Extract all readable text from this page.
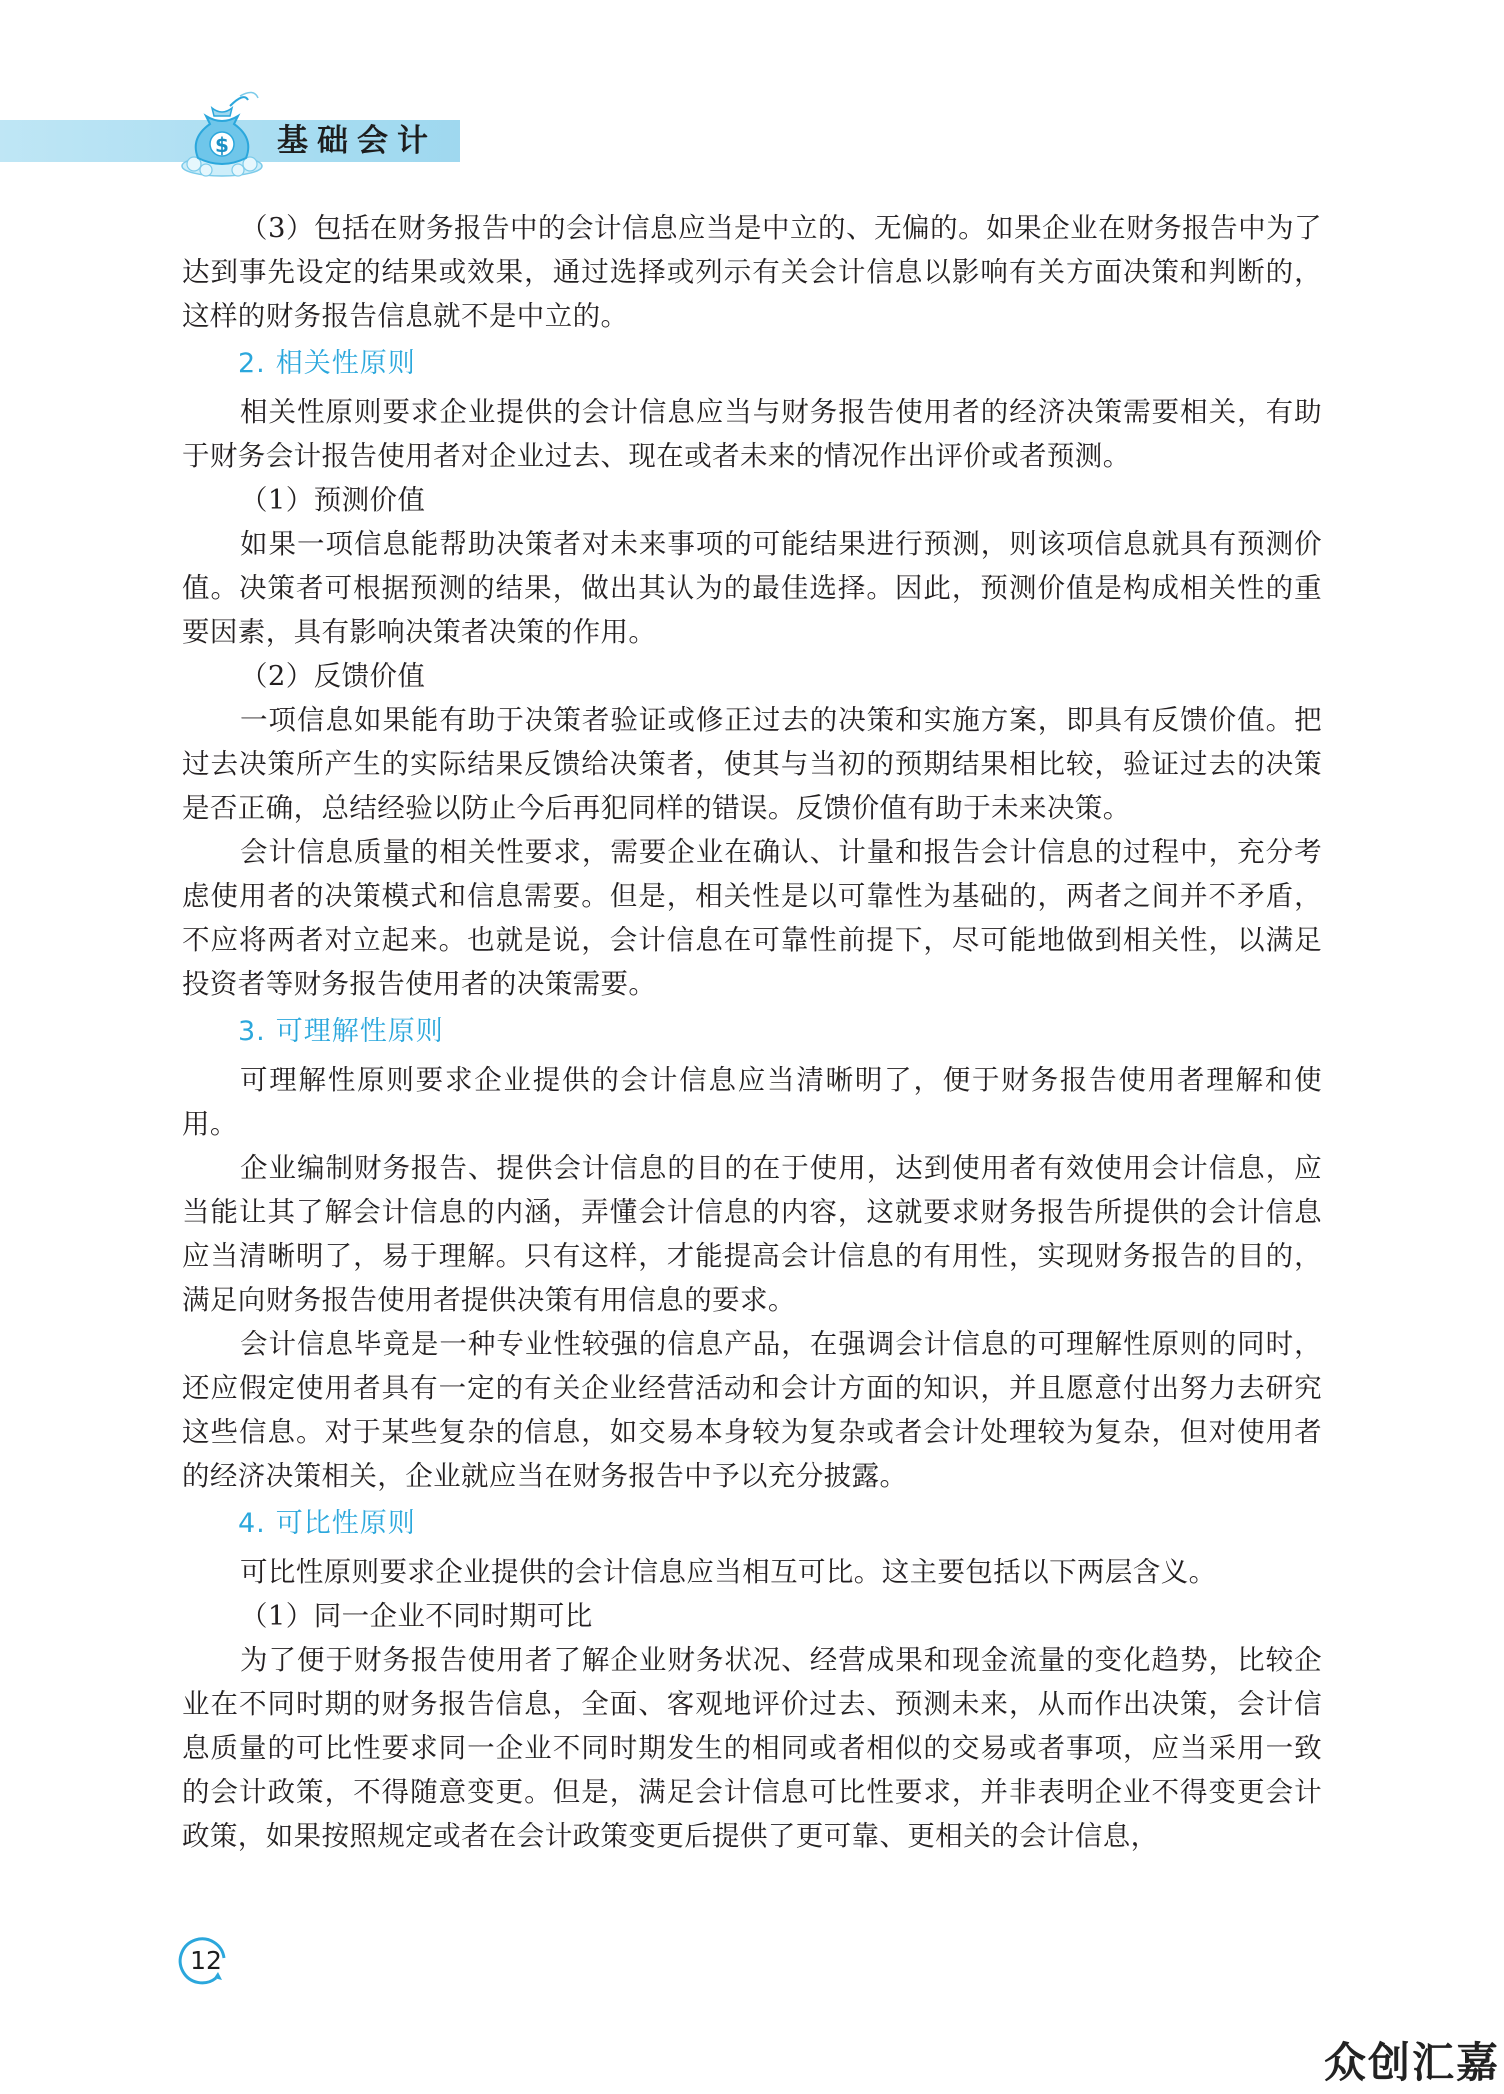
$ 基础会计

（3）包括在财务报告中的会计信息应当是中立的、无偏的。如果企业在财务报告中为了达到事先设定的结果或效果，通过选择或列示有关会计信息以影响有关方面决策和判断的，这样的财务报告信息就不是中立的。

2. 相关性原则

相关性原则要求企业提供的会计信息应当与财务报告使用者的经济决策需要相关，有助于财务会计报告使用者对企业过去、现在或者未来的情况作出评价或者预测。

（1）预测价值

如果一项信息能帮助决策者对未来事项的可能结果进行预测，则该项信息就具有预测价值。决策者可根据预测的结果，做出其认为的最佳选择。因此，预测价值是构成相关性的重要因素，具有影响决策者决策的作用。

（2）反馈价值

一项信息如果能有助于决策者验证或修正过去的决策和实施方案，即具有反馈价值。把过去决策所产生的实际结果反馈给决策者，使其与当初的预期结果相比较，验证过去的决策是否正确，总结经验以防止今后再犯同样的错误。反馈价值有助于未来决策。

会计信息质量的相关性要求，需要企业在确认、计量和报告会计信息的过程中，充分考虑使用者的决策模式和信息需要。但是，相关性是以可靠性为基础的，两者之间并不矛盾，不应将两者对立起来。也就是说，会计信息在可靠性前提下，尽可能地做到相关性，以满足投资者等财务报告使用者的决策需要。

3. 可理解性原则

可理解性原则要求企业提供的会计信息应当清晰明了，便于财务报告使用者理解和使用。

企业编制财务报告、提供会计信息的目的在于使用，达到使用者有效使用会计信息，应当能让其了解会计信息的内涵，弄懂会计信息的内容，这就要求财务报告所提供的会计信息应当清晰明了，易于理解。只有这样，才能提高会计信息的有用性，实现财务报告的目的，满足向财务报告使用者提供决策有用信息的要求。

会计信息毕竟是一种专业性较强的信息产品，在强调会计信息的可理解性原则的同时，还应假定使用者具有一定的有关企业经营活动和会计方面的知识，并且愿意付出努力去研究这些信息。对于某些复杂的信息，如交易本身较为复杂或者会计处理较为复杂，但对使用者的经济决策相关，企业就应当在财务报告中予以充分披露。

4. 可比性原则

可比性原则要求企业提供的会计信息应当相互可比。这主要包括以下两层含义。

（1）同一企业不同时期可比

为了便于财务报告使用者了解企业财务状况、经营成果和现金流量的变化趋势，比较企业在不同时期的财务报告信息，全面、客观地评价过去、预测未来，从而作出决策，会计信息质量的可比性要求同一企业不同时期发生的相同或者相似的交易或者事项，应当采用一致的会计政策，不得随意变更。但是，满足会计信息可比性要求，并非表明企业不得变更会计政策，如果按照规定或者在会计政策变更后提供了更可靠、更相关的会计信息，

12
众创汇嘉
